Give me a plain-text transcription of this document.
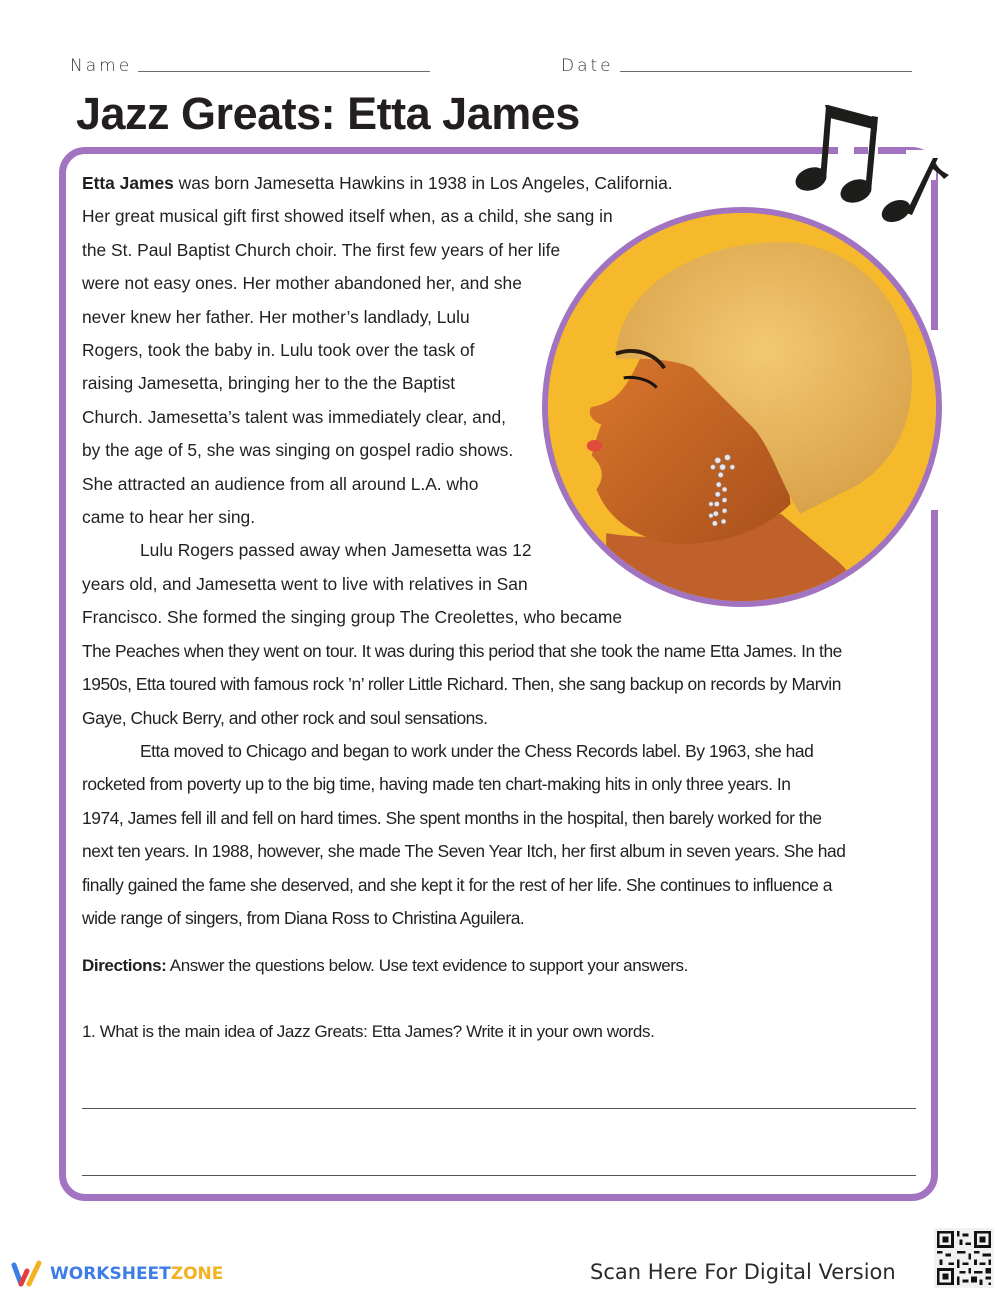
Name	Date
Jazz Greats: Etta James

Etta James was born Jamesetta Hawkins in 1938 in Los Angeles, California.
Her great musical gift first showed itself when, as a child, she sang in
the St. Paul Baptist Church choir. The first few years of her life
were not easy ones. Her mother abandoned her, and she
never knew her father. Her mother’s landlady, Lulu
Rogers, took the baby in. Lulu took over the task of
raising Jamesetta, bringing her to the the Baptist
Church. Jamesetta’s talent was immediately clear, and,
by the age of 5, she was singing on gospel radio shows.
She attracted an audience from all around L.A. who
came to hear her sing.

Lulu Rogers passed away when Jamesetta was 12
years old, and Jamesetta went to live with relatives in San
Francisco. She formed the singing group The Creolettes, who became
The Peaches when they went on tour. It was during this period that she took the name Etta James. In the
1950s, Etta toured with famous rock ’n’ roller Little Richard. Then, she sang backup on records by Marvin
Gaye, Chuck Berry, and other rock and soul sensations.

Etta moved to Chicago and began to work under the Chess Records label. By 1963, she had
rocketed from poverty up to the big time, having made ten chart-making hits in only three years. In
1974, James fell ill and fell on hard times. She spent months in the hospital, then barely worked for the
next ten years. In 1988, however, she made The Seven Year Itch, her first album in seven years. She had
finally gained the fame she deserved, and she kept it for the rest of her life. She continues to influence a
wide range of singers, from Diana Ross to Christina Aguilera.

Directions: Answer the questions below. Use text evidence to support your answers.
1. What is the main idea of Jazz Greats: Etta James? Write it in your own words.
WORKSHEETZONE	Scan Here For Digital Version
